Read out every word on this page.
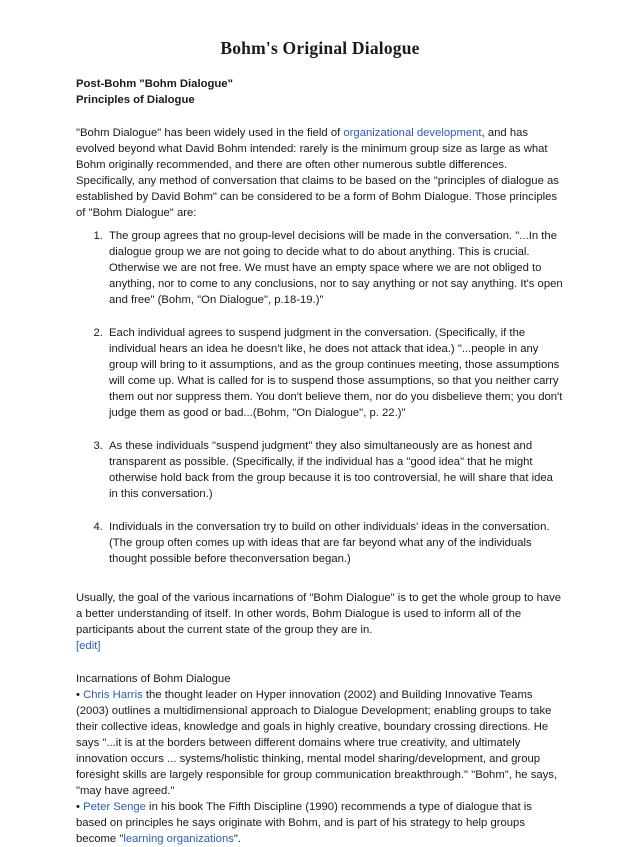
Bohm's Original Dialogue

Post-Bohm "Bohm Dialogue"

Principles of Dialogue

"Bohm Dialogue" has been widely used in the field of organizational development, and has evolved beyond what David Bohm intended: rarely is the minimum group size as large as what Bohm originally recommended, and there are often other numerous subtle differences. Specifically, any method of conversation that claims to be based on the "principles of dialogue as established by David Bohm" can be considered to be a form of Bohm Dialogue. Those principles of "Bohm Dialogue" are:

1. The group agrees that no group-level decisions will be made in the conversation. "...In the dialogue group we are not going to decide what to do about anything. This is crucial. Otherwise we are not free. We must have an empty space where we are not obliged to anything, nor to come to any conclusions, nor to say anything or not say anything. It's open and free" (Bohm, "On Dialogue", p.18-19.)"
2. Each individual agrees to suspend judgment in the conversation. (Specifically, if the individual hears an idea he doesn't like, he does not attack that idea.) "...people in any group will bring to it assumptions, and as the group continues meeting, those assumptions will come up. What is called for is to suspend those assumptions, so that you neither carry them out nor suppress them. You don't believe them, nor do you disbelieve them; you don't judge them as good or bad...(Bohm, "On Dialogue", p. 22.)"
3. As these individuals "suspend judgment" they also simultaneously are as honest and transparent as possible. (Specifically, if the individual has a "good idea" that he might otherwise hold back from the group because it is too controversial, he will share that idea in this conversation.)
4. Individuals in the conversation try to build on other individuals' ideas in the conversation. (The group often comes up with ideas that are far beyond what any of the individuals thought possible before theconversation began.)

Usually, the goal of the various incarnations of "Bohm Dialogue" is to get the whole group to have a better understanding of itself. In other words, Bohm Dialogue is used to inform all of the participants about the current state of the group they are in.

[edit]

Incarnations of Bohm Dialogue

• Chris Harris the thought leader on Hyper innovation (2002) and Building Innovative Teams (2003) outlines a multidimensional approach to Dialogue Development; enabling groups to take their collective ideas, knowledge and goals in highly creative, boundary crossing directions. He says "...it is at the borders between different domains where true creativity, and ultimately innovation occurs ... systems/holistic thinking, mental model sharing/development, and group foresight skills are largely responsible for group communication breakthrough." "Bohm", he says, "may have agreed."

• Peter Senge in his book The Fifth Discipline (1990) recommends a type of dialogue that is based on principles he says originate with Bohm, and is part of his strategy to help groups become "learning organizations".
